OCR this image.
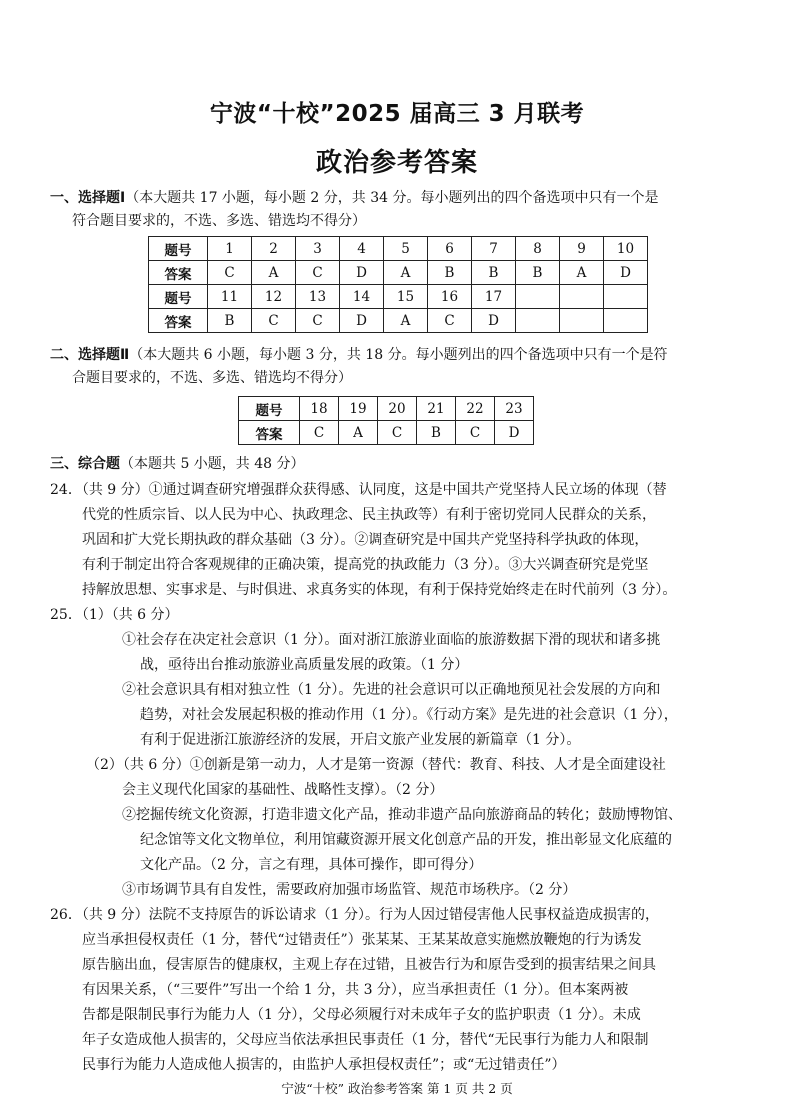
宁波“十校”2025 届高三 3 月联考
政治参考答案
一、选择题Ⅰ（本大题共 17 小题，每小题 2 分，共 34 分。每小题列出的四个备选项中只有一个是
符合题目要求的，不选、多选、错选均不得分）
题号	1	2	3	4	5	6	7	8	9	10
答案	C	A	C	D	A	B	B	B	A	D
题号	11	12	13	14	15	16	17			
答案	B	C	C	D	A	C	D			
二、选择题Ⅱ（本大题共 6 小题，每小题 3 分，共 18 分。每小题列出的四个备选项中只有一个是符
合题目要求的，不选、多选、错选均不得分）
题号	18	19	20	21	22	23
答案	C	A	C	B	C	D
三、综合题（本题共 5 小题，共 48 分）
24．（共 9 分）①通过调查研究增强群众获得感、认同度，这是中国共产党坚持人民立场的体现（替
代党的性质宗旨、以人民为中心、执政理念、民主执政等）有利于密切党同人民群众的关系，
巩固和扩大党长期执政的群众基础（3 分）。②调查研究是中国共产党坚持科学执政的体现，
有利于制定出符合客观规律的正确决策，提高党的执政能力（3 分）。③大兴调查研究是党坚
持解放思想、实事求是、与时俱进、求真务实的体现，有利于保持党始终走在时代前列（3 分）。
25．（1）（共 6 分）
①社会存在决定社会意识（1 分）。面对浙江旅游业面临的旅游数据下滑的现状和诸多挑
战，亟待出台推动旅游业高质量发展的政策。（1 分）
②社会意识具有相对独立性（1 分）。先进的社会意识可以正确地预见社会发展的方向和
趋势，对社会发展起积极的推动作用（1 分）。《行动方案》是先进的社会意识（1 分），
有利于促进浙江旅游经济的发展，开启文旅产业发展的新篇章（1 分）。
（2）（共 6 分）①创新是第一动力，人才是第一资源（替代：教育、科技、人才是全面建设社
会主义现代化国家的基础性、战略性支撑）。（2 分）
②挖掘传统文化资源，打造非遗文化产品，推动非遗产品向旅游商品的转化；鼓励博物馆、
纪念馆等文化文物单位，利用馆藏资源开展文化创意产品的开发，推出彰显文化底蕴的
文化产品。（2 分，言之有理，具体可操作，即可得分）
③市场调节具有自发性，需要政府加强市场监管、规范市场秩序。（2 分）
26．（共 9 分）法院不支持原告的诉讼请求（1 分）。行为人因过错侵害他人民事权益造成损害的，
应当承担侵权责任（1 分，替代“过错责任”）张某某、王某某故意实施燃放鞭炮的行为诱发
原告脑出血，侵害原告的健康权，主观上存在过错，且被告行为和原告受到的损害结果之间具
有因果关系，（“三要件”写出一个给 1 分，共 3 分），应当承担责任（1 分）。但本案两被
告都是限制民事行为能力人（1 分），父母必须履行对未成年子女的监护职责（1 分）。未成
年子女造成他人损害的，父母应当依法承担民事责任（1 分，替代“无民事行为能力人和限制
民事行为能力人造成他人损害的，由监护人承担侵权责任”；或“无过错责任”）
宁波“十校” 政治参考答案 第 1 页 共 2 页
